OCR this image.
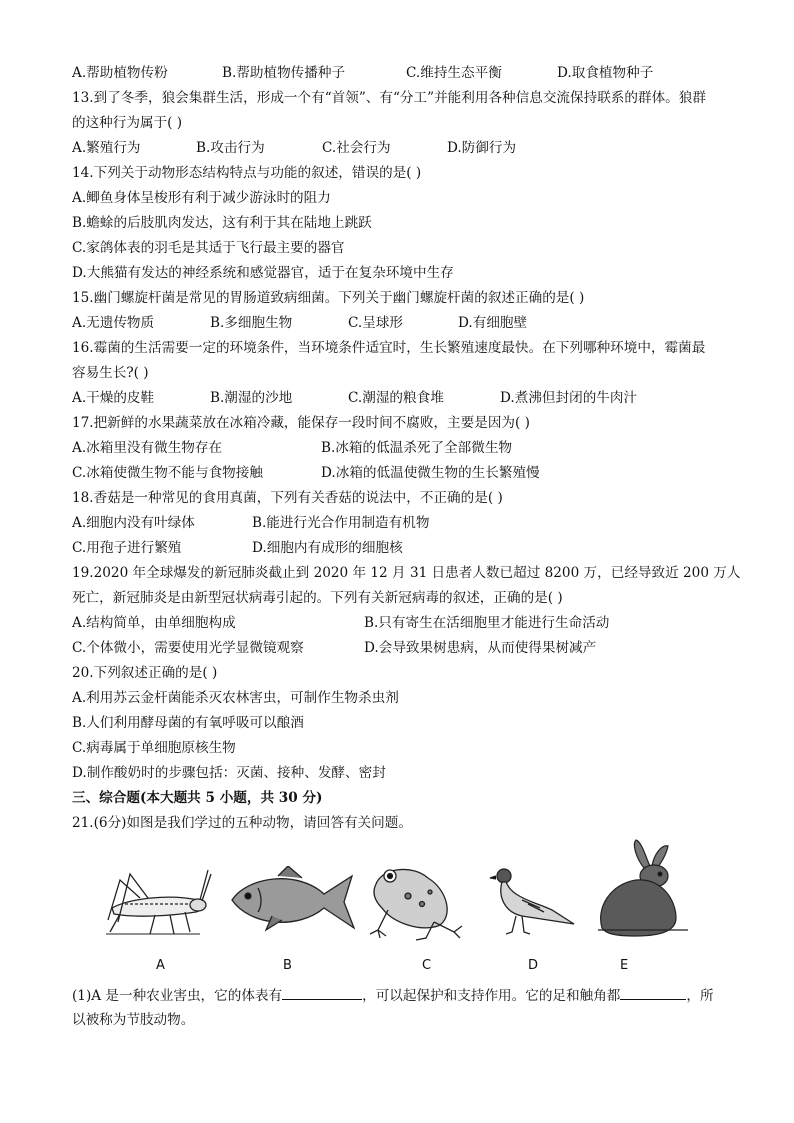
A.帮助植物传粉	B.帮助植物传播种子	C.维持生态平衡	D.取食植物种子
13.到了冬季，狼会集群生活，形成一个有“首领”、有“分工”并能利用各种信息交流保持联系的群体。狼群
的这种行为属于( )
A.繁殖行为	B.攻击行为	C.社会行为	D.防御行为
14.下列关于动物形态结构特点与功能的叙述，错误的是( )
A.鲫鱼身体呈梭形有利于减少游泳时的阻力
B.蟾蜍的后肢肌肉发达，这有利于其在陆地上跳跃
C.家鸽体表的羽毛是其适于飞行最主要的器官
D.大熊猫有发达的神经系统和感觉器官，适于在复杂环境中生存
15.幽门螺旋杆菌是常见的胃肠道致病细菌。下列关于幽门螺旋杆菌的叙述正确的是( )
A.无遗传物质	B.多细胞生物	C.呈球形	D.有细胞壁
16.霉菌的生活需要一定的环境条件，当环境条件适宜时，生长繁殖速度最快。在下列哪种环境中，霉菌最
容易生长?( )
A.干燥的皮鞋	B.潮湿的沙地	C.潮湿的粮食堆	D.煮沸但封闭的牛肉汁
17.把新鲜的水果蔬菜放在冰箱冷藏，能保存一段时间不腐败，主要是因为( )
A.冰箱里没有微生物存在	B.冰箱的低温杀死了全部微生物
C.冰箱使微生物不能与食物接触	D.冰箱的低温使微生物的生长繁殖慢
18.香菇是一种常见的食用真菌，下列有关香菇的说法中，不正确的是( )
A.细胞内没有叶绿体	B.能进行光合作用制造有机物
C.用孢子进行繁殖	D.细胞内有成形的细胞核
19.2020 年全球爆发的新冠肺炎截止到 2020 年 12 月 31 日患者人数已超过 8200 万，已经导致近 200 万人
死亡，新冠肺炎是由新型冠状病毒引起的。下列有关新冠病毒的叙述，正确的是( )
A.结构简单，由单细胞构成	B.只有寄生在活细胞里才能进行生命活动
C.个体微小，需要使用光学显微镜观察	D.会导致果树患病，从而使得果树减产
20.下列叙述正确的是( )
A.利用苏云金杆菌能杀灭农林害虫，可制作生物杀虫剂
B.人们利用酵母菌的有氧呼吸可以酿酒
C.病毒属于单细胞原核生物
D.制作酸奶时的步骤包括：灭菌、接种、发酵、密封
三、综合题(本大题共 5 小题，共 30 分)
21.(6分)如图是我们学过的五种动物，请回答有关问题。
A	B	C	D	E
(1)A 是一种农业害虫，它的体表有	，可以起保护和支持作用。它的足和触角都	，所
以被称为节肢动物。
